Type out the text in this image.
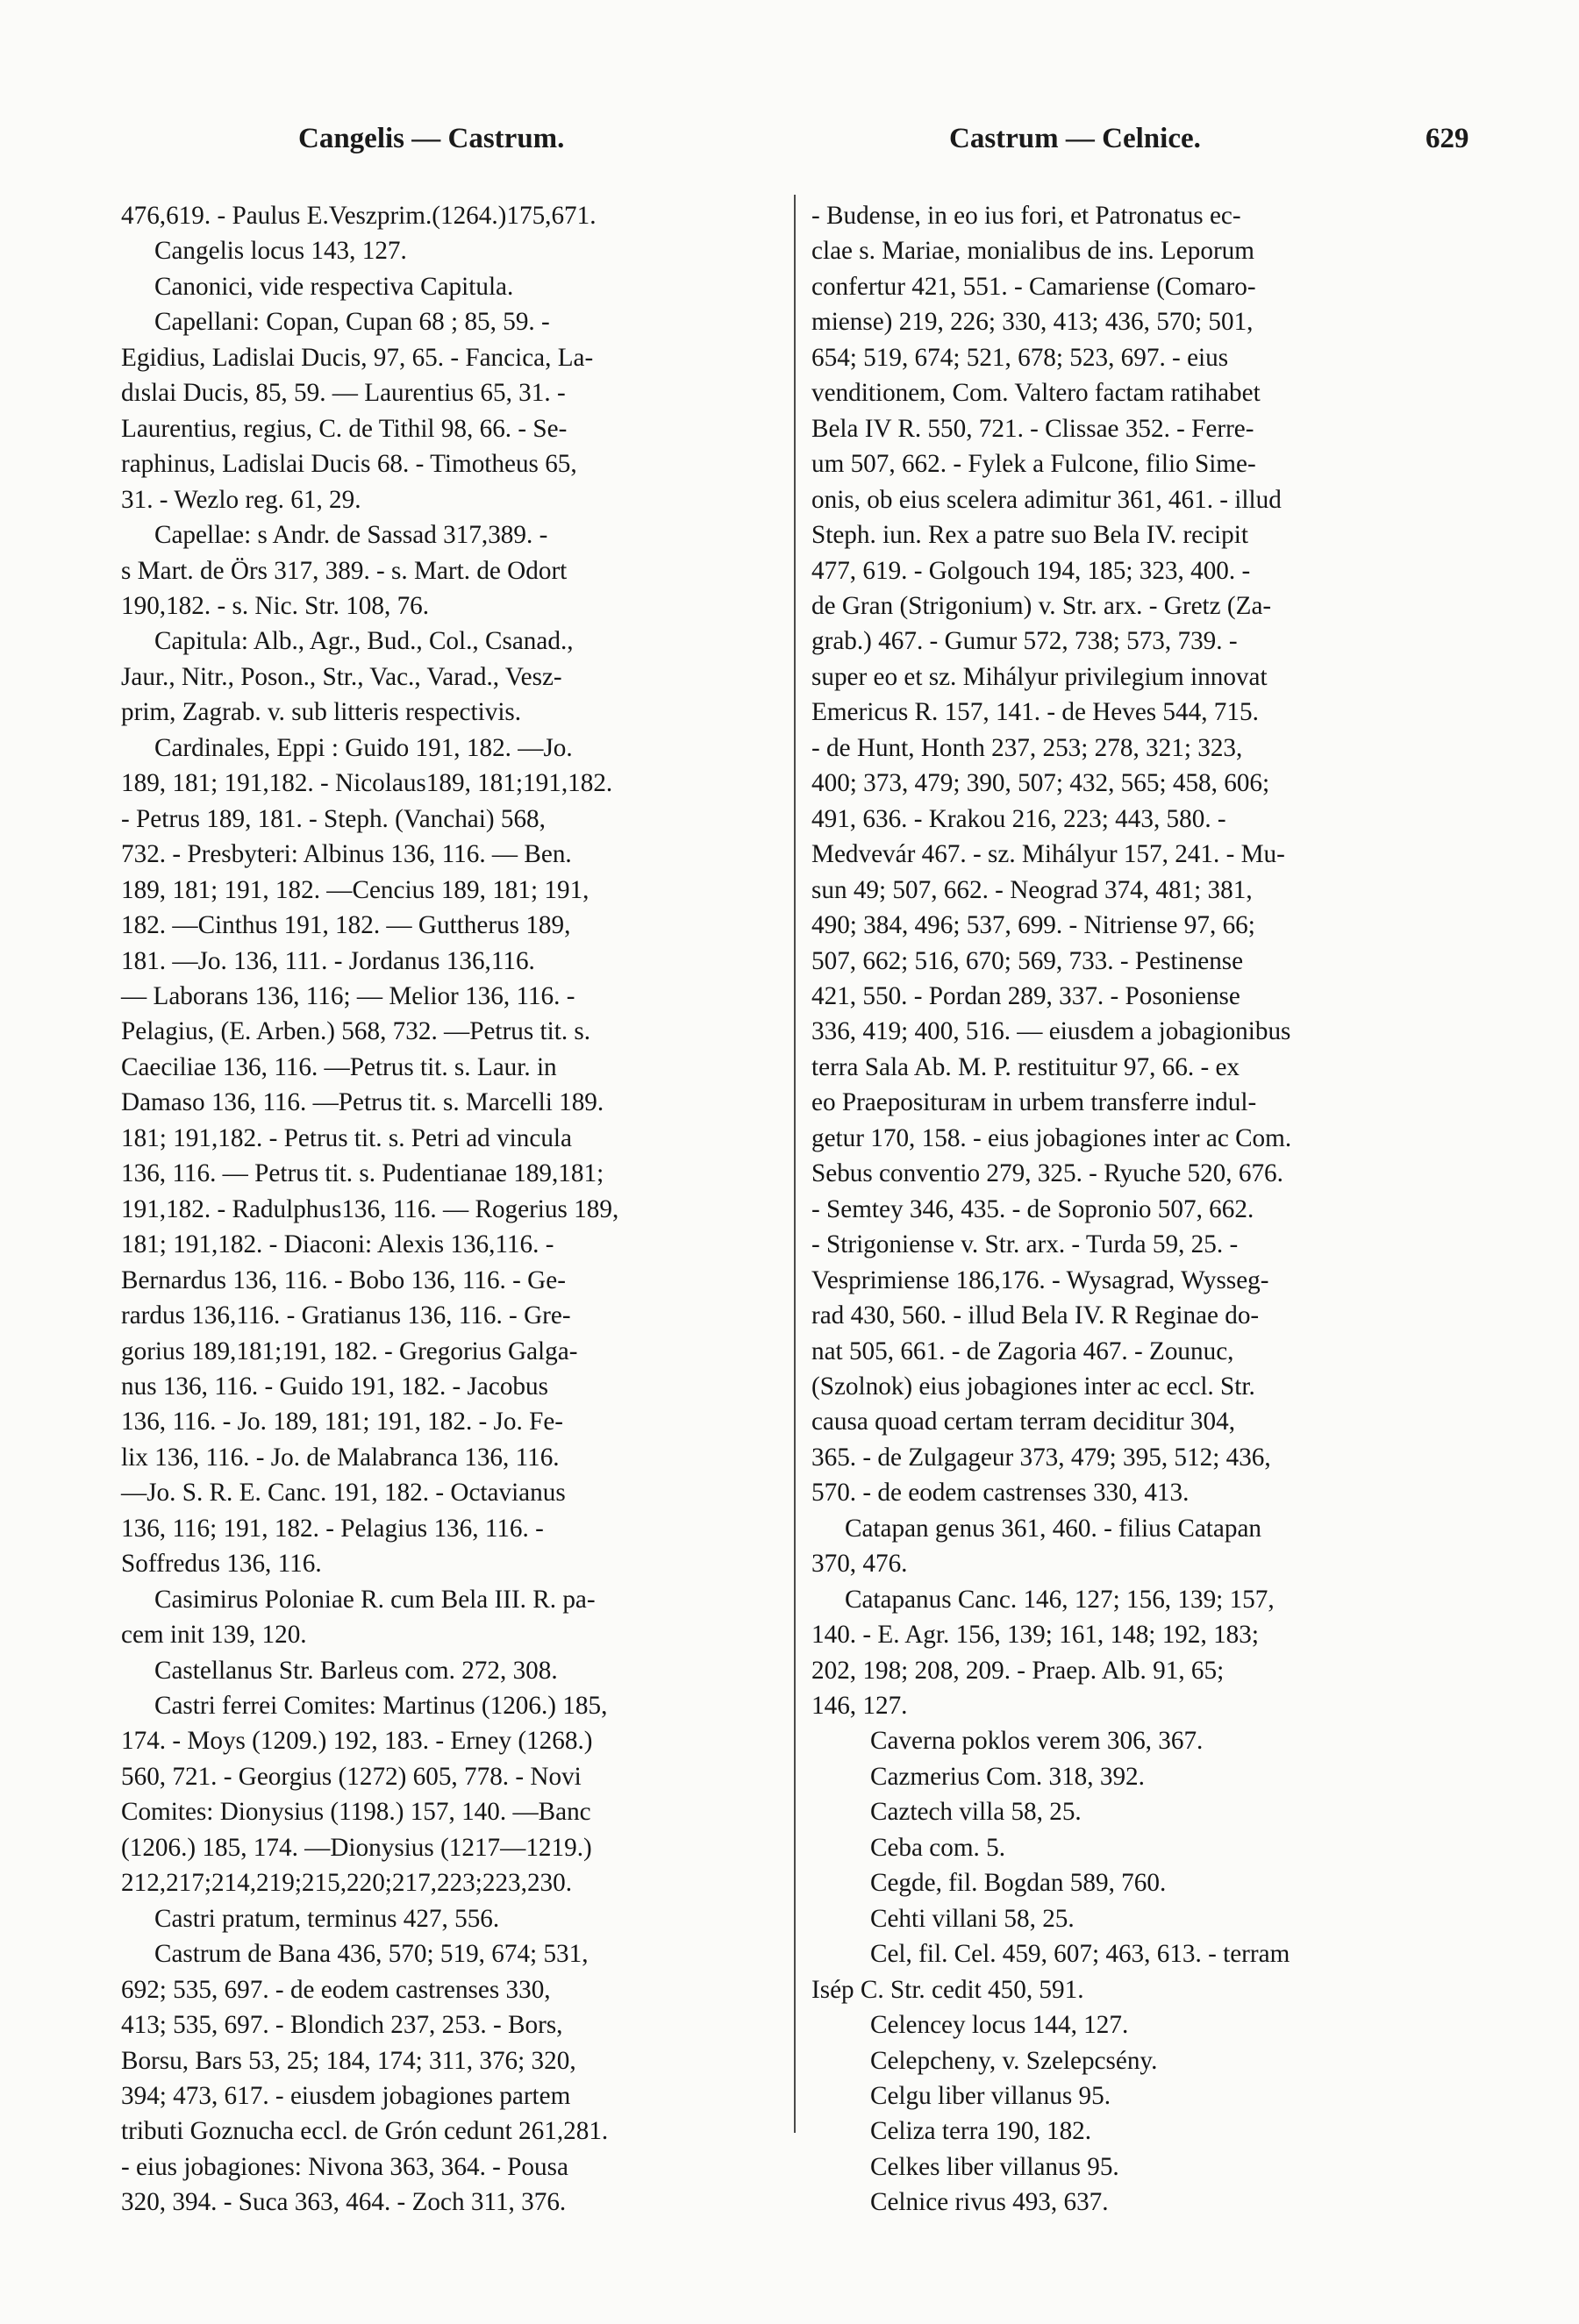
Cangelis — Castrum.	Castrum — Celnice.	629
476,619. - Paulus E.Veszprim.(1264.)175,671.
Cangelis locus 143, 127.
Canonici, vide respectiva Capitula.
Capellani: Copan, Cupan 68 ; 85, 59. -
Egidius, Ladislai Ducis, 97, 65. - Fancica, La-
dıslai Ducis, 85, 59. — Laurentius 65, 31. -
Laurentius, regius, C. de Tithil 98, 66. - Se-
raphinus, Ladislai Ducis 68. - Timotheus 65,
31. - Wezlo reg. 61, 29.
Capellae: s Andr. de Sassad 317,389. -
s Mart. de Örs 317, 389. - s. Mart. de Odort
190,182. - s. Nic. Str. 108, 76.
Capitula: Alb., Agr., Bud., Col., Csanad.,
Jaur., Nitr., Poson., Str., Vac., Varad., Vesz-
prim, Zagrab. v. sub litteris respectivis.
Cardinales, Eppi : Guido 191, 182. —Jo.
189, 181; 191,182. - Nicolaus189, 181;191,182.
- Petrus 189, 181. - Steph. (Vanchai) 568,
732. - Presbyteri: Albinus 136, 116. — Ben.
189, 181; 191, 182. —Cencius 189, 181; 191,
182. —Cinthus 191, 182. — Guttherus 189,
181. —Jo. 136, 111. - Jordanus 136,116.
— Laborans 136, 116; — Melior 136, 116. -
Pelagius, (E. Arben.) 568, 732. —Petrus tit. s.
Caeciliae 136, 116. —Petrus tit. s. Laur. in
Damaso 136, 116. —Petrus tit. s. Marcelli 189.
181; 191,182. - Petrus tit. s. Petri ad vincula
136, 116. — Petrus tit. s. Pudentianae 189,181;
191,182. - Radulphus136, 116. — Rogerius 189,
181; 191,182. - Diaconi: Alexis 136,116. -
Bernardus 136, 116. - Bobo 136, 116. - Ge-
rardus 136,116. - Gratianus 136, 116. - Gre-
gorius 189,181;191, 182. - Gregorius Galga-
nus 136, 116. - Guido 191, 182. - Jacobus
136, 116. - Jo. 189, 181; 191, 182. - Jo. Fe-
lix 136, 116. - Jo. de Malabranca 136, 116.
—Jo. S. R. E. Canc. 191, 182. - Octavianus
136, 116; 191, 182. - Pelagius 136, 116. -
Soffredus 136, 116.
Casimirus Poloniae R. cum Bela III. R. pa-
cem init 139, 120.
Castellanus Str. Barleus com. 272, 308.
Castri ferrei Comites: Martinus (1206.) 185,
174. - Moys (1209.) 192, 183. - Erney (1268.)
560, 721. - Georgius (1272) 605, 778. - Novi
Comites: Dionysius (1198.) 157, 140. —Banc
(1206.) 185, 174. —Dionysius (1217—1219.)
212,217;214,219;215,220;217,223;223,230.
Castri pratum, terminus 427, 556.
Castrum de Bana 436, 570; 519, 674; 531,
692; 535, 697. - de eodem castrenses 330,
413; 535, 697. - Blondich 237, 253. - Bors,
Borsu, Bars 53, 25; 184, 174; 311, 376; 320,
394; 473, 617. - eiusdem jobagiones partem
tributi Goznucha eccl. de Grón cedunt 261,281.
- eius jobagiones: Nivona 363, 364. - Pousa
320, 394. - Suca 363, 464. - Zoch 311, 376.
- Budense, in eo ius fori, et Patronatus ec-
clae s. Mariae, monialibus de ins. Leporum
confertur 421, 551. - Camariense (Comaro-
miense) 219, 226; 330, 413; 436, 570; 501,
654; 519, 674; 521, 678; 523, 697. - eius
venditionem, Com. Valtero factam ratihabet
Bela IV R. 550, 721. - Clissae 352. - Ferre-
um 507, 662. - Fylek a Fulcone, filio Sime-
onis, ob eius scelera adimitur 361, 461. - illud
Steph. iun. Rex a patre suo Bela IV. recipit
477, 619. - Golgouch 194, 185; 323, 400. -
de Gran (Strigonium) v. Str. arx. - Gretz (Za-
grab.) 467. - Gumur 572, 738; 573, 739. -
super eo et sz. Mihályur privilegium innovat
Emericus R. 157, 141. - de Heves 544, 715.
- de Hunt, Honth 237, 253; 278, 321; 323,
400; 373, 479; 390, 507; 432, 565; 458, 606;
491, 636. - Krakou 216, 223; 443, 580. -
Medvevár 467. - sz. Mihályur 157, 241. - Mu-
sun 49; 507, 662. - Neograd 374, 481; 381,
490; 384, 496; 537, 699. - Nitriense 97, 66;
507, 662; 516, 670; 569, 733. - Pestinense
421, 550. - Pordan 289, 337. - Posoniense
336, 419; 400, 516. — eiusdem a jobagionibus
terra Sala Ab. M. P. restituitur 97, 66. - ex
eo Praepositurам in urbem transferre indul-
getur 170, 158. - eius jobagiones inter ac Com.
Sebus conventio 279, 325. - Ryuche 520, 676.
- Semtey 346, 435. - de Sopronio 507, 662.
- Strigoniense v. Str. arx. - Turda 59, 25. -
Vesprimiense 186,176. - Wysagrad, Wysseg-
rad 430, 560. - illud Bela IV. R Reginae do-
nat 505, 661. - de Zagoria 467. - Zounuc,
(Szolnok) eius jobagiones inter ac eccl. Str.
causa quoad certam terram deciditur 304,
365. - de Zulgageur 373, 479; 395, 512; 436,
570. - de eodem castrenses 330, 413.
Catapan genus 361, 460. - filius Catapan
370, 476.
Catapanus Canc. 146, 127; 156, 139; 157,
140. - E. Agr. 156, 139; 161, 148; 192, 183;
202, 198; 208, 209. - Praep. Alb. 91, 65;
146, 127.
Caverna poklos verem 306, 367.
Cazmerius Com. 318, 392.
Caztech villa 58, 25.
Ceba com. 5.
Cegde, fil. Bogdan 589, 760.
Cehti villani 58, 25.
Cel, fil. Cel. 459, 607; 463, 613. - terram
Isép C. Str. cedit 450, 591.
Celencey locus 144, 127.
Celepcheny, v. Szelepcsény.
Celgu liber villanus 95.
Celiza terra 190, 182.
Celkes liber villanus 95.
Celnice rivus 493, 637.
